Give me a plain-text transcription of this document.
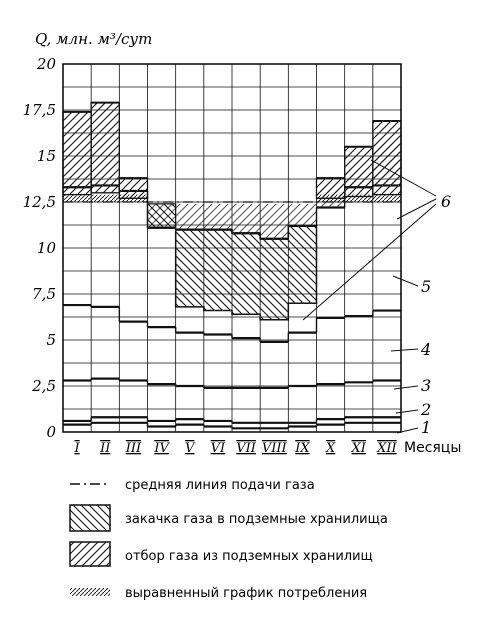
Q, млн. м³/сут
0
2,5
5
7,5
10
12,5
15
17,5
20
I II III IV V VI VII VIII IX X XI XII Месяцы
1
2
3
4
5
6
средняя линия подачи газа
закачка газа в подземные хранилища
отбор газа из подземных хранилищ
выравненный график потребления
